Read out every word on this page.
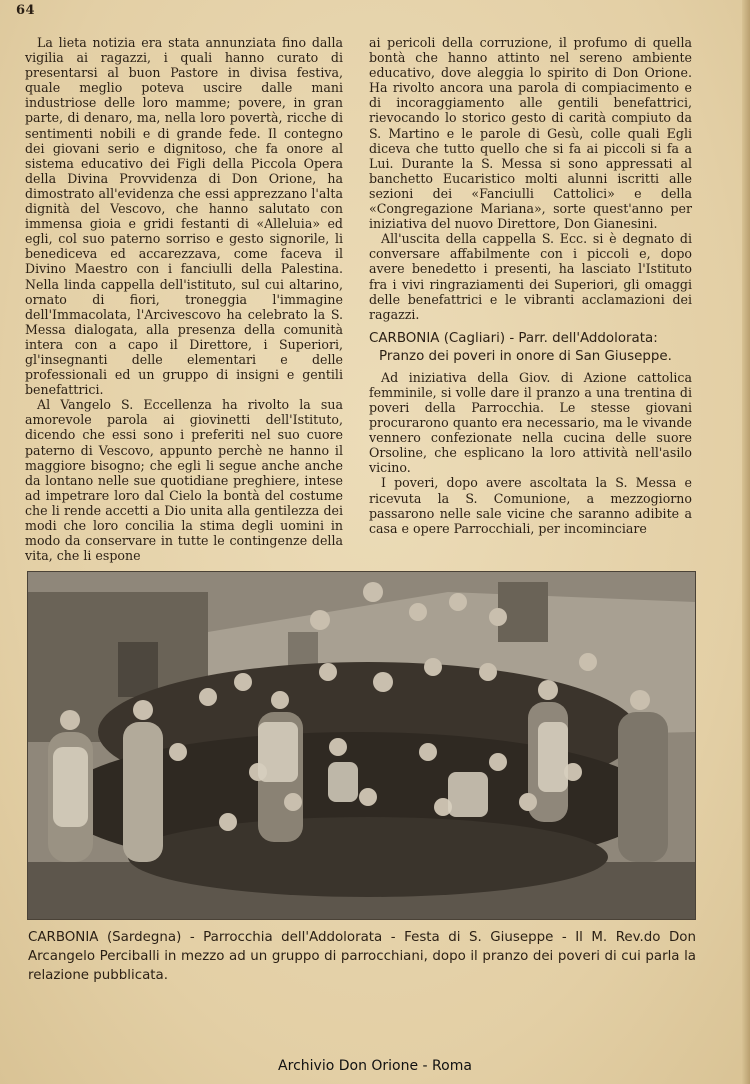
64

La lieta notizia era stata annunziata fino dalla vigilia ai ragazzi, i quali hanno curato di presentarsi al buon Pastore in divisa festiva, quale meglio poteva uscire dalle mani industriose delle loro mamme; povere, in gran parte, di denaro, ma, nella loro povertà, ricche di sentimenti nobili e di grande fede. Il contegno dei giovani serio e dignitoso, che fa onore al sistema educativo dei Figli della Piccola Opera della Divina Provvidenza di Don Orione, ha dimostrato all'evidenza che essi apprezzano l'alta dignità del Vescovo, che hanno salutato con immensa gioia e gridi festanti di «Alleluia» ed egli, col suo paterno sorriso e gesto signorile, li benediceva ed accarezzava, come faceva il Divino Maestro con i fanciulli della Palestina. Nella linda cappella dell'istituto, sul cui altarino, ornato di fiori, troneggia l'immagine dell'Immacolata, l'Arcivescovo ha celebrato la S. Messa dialogata, alla presenza della comunità intera con a capo il Direttore, i Superiori, gl'insegnanti delle elementari e delle professionali ed un gruppo di insigni e gentili benefattrici.

Al Vangelo S. Eccellenza ha rivolto la sua amorevole parola ai giovinetti dell'Istituto, dicendo che essi sono i preferiti nel suo cuore paterno di Vescovo, appunto perchè ne hanno il maggiore bisogno; che egli li segue anche anche da lontano nelle sue quotidiane preghiere, intese ad impetrare loro dal Cielo la bontà del costume che li rende accetti a Dio unita alla gentilezza dei modi che loro concilia la stima degli uomini in modo da conservare in tutte le contingenze della vita, che li espone

ai pericoli della corruzione, il profumo di quella bontà che hanno attinto nel sereno ambiente educativo, dove aleggia lo spirito di Don Orione. Ha rivolto ancora una parola di compiacimento e di incoraggiamento alle gentili benefattrici, rievocando lo storico gesto di carità compiuto da S. Martino e le parole di Gesù, colle quali Egli diceva che tutto quello che si fa ai piccoli si fa a Lui. Durante la S. Messa si sono appressati al banchetto Eucaristico molti alunni iscritti alle sezioni dei «Fanciulli Cattolici» e della «Congregazione Mariana», sorte quest'anno per iniziativa del nuovo Direttore, Don Gianesini.

All'uscita della cappella S. Ecc. si è degnato di conversare affabilmente con i piccoli e, dopo avere benedetto i presenti, ha lasciato l'Istituto fra i vivi ringraziamenti dei Superiori, gli omaggi delle benefattrici e le vibranti acclamazioni dei ragazzi.

CARBONIA (Cagliari) - Parr. dell'Addolorata:
Pranzo dei poveri in onore di San Giuseppe.

Ad iniziativa della Giov. di Azione cattolica femminile, si volle dare il pranzo a una trentina di poveri della Parrocchia. Le stesse giovani procurarono quanto era necessario, ma le vivande vennero confezionate nella cucina delle suore Orsoline, che esplicano la loro attività nell'asilo vicino.

I poveri, dopo avere ascoltata la S. Messa e ricevuta la S. Comunione, a mezzogiorno passarono nelle sale vicine che saranno adibite a casa e opere Parrocchiali, per incominciare

CARBONIA (Sardegna) - Parrocchia dell'Addolorata - Festa di S. Giuseppe - Il M. Rev.do Don Arcangelo Perciballi in mezzo ad un gruppo di parrocchiani, dopo il pranzo dei poveri di cui parla la relazione pubblicata.
Archivio Don Orione - Roma
